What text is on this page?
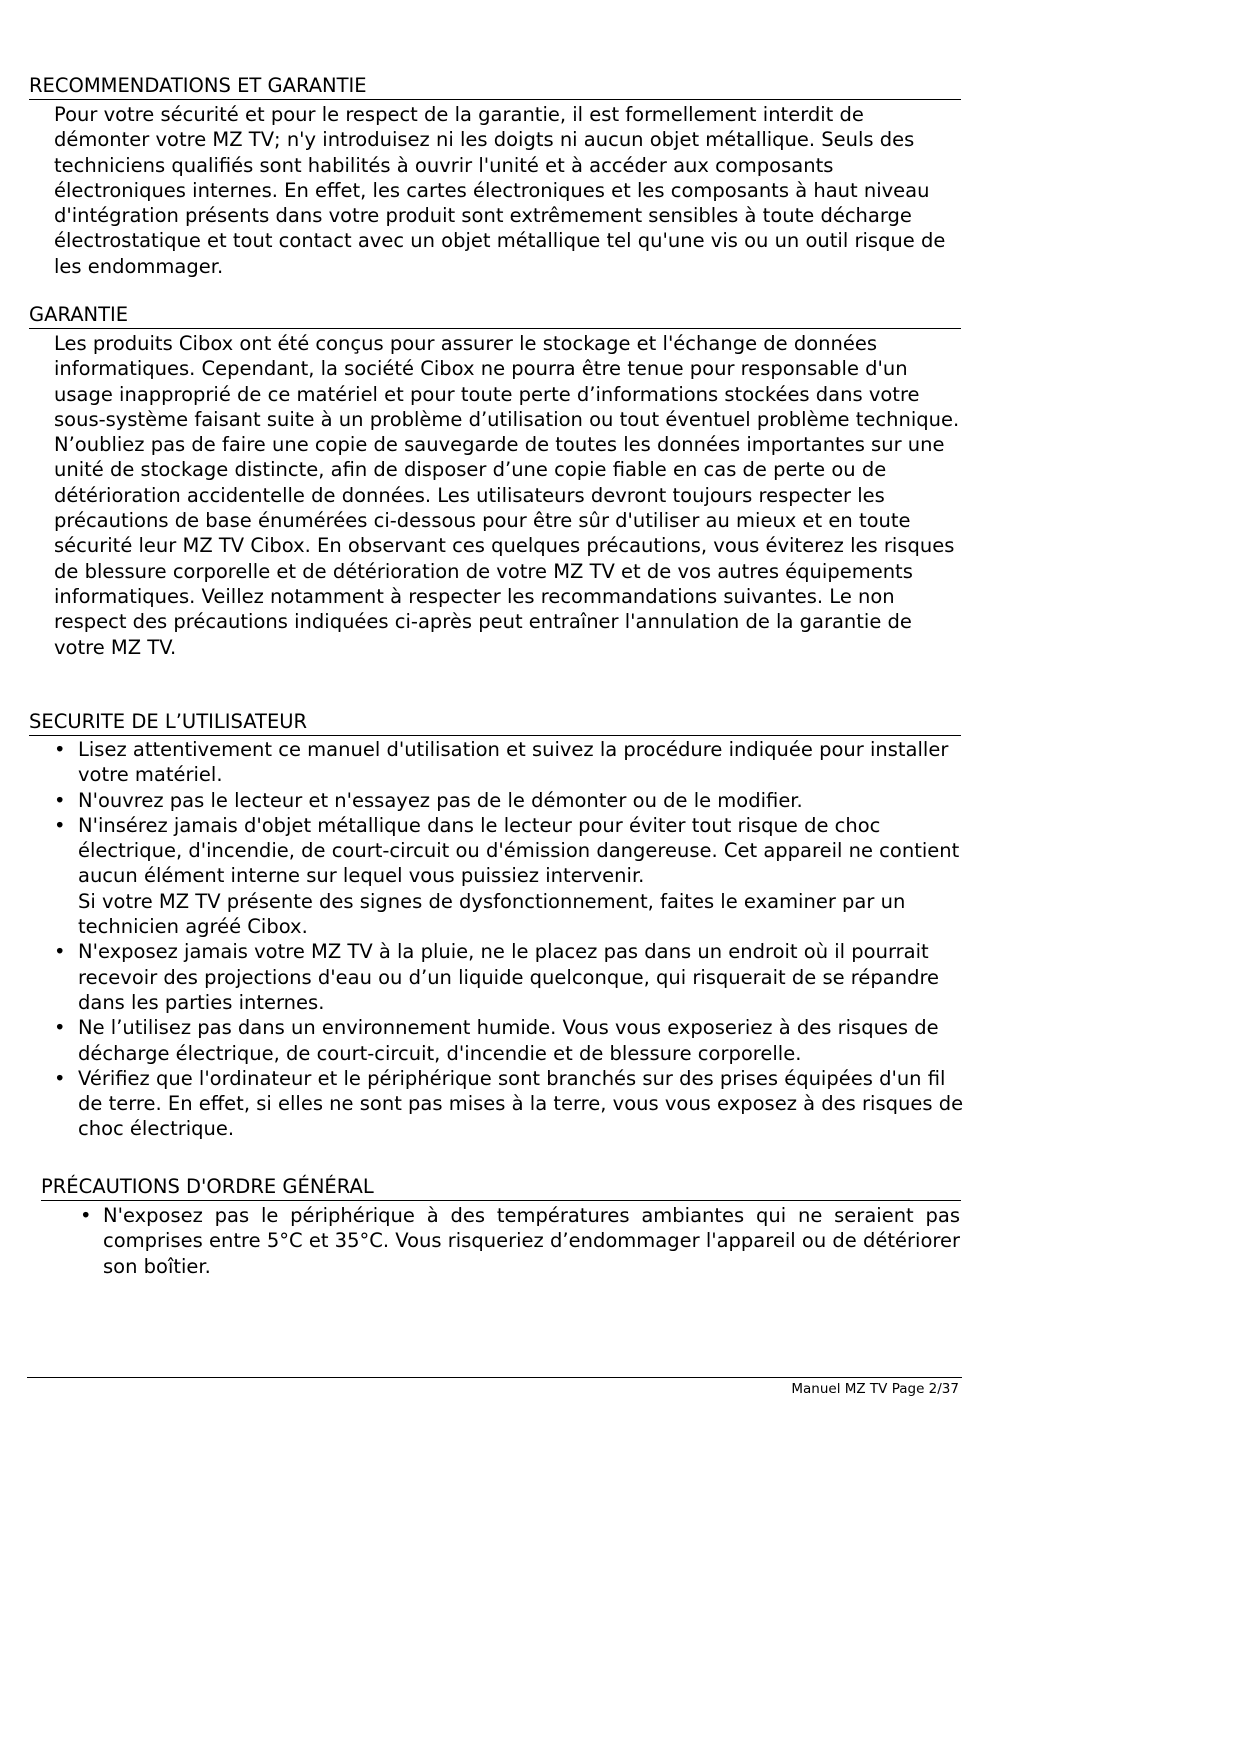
RECOMMENDATIONS ET GARANTIE
Pour votre sécurité et pour le respect de la garantie, il est formellement interdit de démonter votre MZ TV; n'y introduisez ni les doigts ni aucun objet métallique. Seuls des techniciens qualifiés sont habilités à ouvrir l'unité et à accéder aux composants électroniques internes. En effet, les cartes électroniques et les composants à haut niveau d'intégration présents dans votre produit sont extrêmement sensibles à toute décharge électrostatique et tout contact avec un objet métallique tel qu'une vis ou un outil risque de les endommager.
GARANTIE
Les produits Cibox ont été conçus pour assurer le stockage et l'échange de données informatiques. Cependant, la société Cibox ne pourra être tenue pour responsable d'un usage inapproprié de ce matériel et pour toute perte d’informations stockées dans votre sous-système faisant suite à un problème d’utilisation ou tout éventuel problème technique. N’oubliez pas de faire une copie de sauvegarde de toutes les données importantes sur une unité de stockage distincte, afin de disposer d’une copie fiable en cas de perte ou de détérioration accidentelle de données. Les utilisateurs devront toujours respecter les précautions de base énumérées ci-dessous pour être sûr d'utiliser au mieux et en toute sécurité leur MZ TV Cibox. En observant ces quelques précautions, vous éviterez les risques de blessure corporelle et de détérioration de votre MZ TV et de vos autres équipements informatiques. Veillez notamment à respecter les recommandations suivantes. Le non respect des précautions indiquées ci-après peut entraîner l'annulation de la garantie de votre MZ TV.
SECURITE DE L’UTILISATEUR
• Lisez attentivement ce manuel d'utilisation et suivez la procédure indiquée pour installer votre matériel.
• N'ouvrez pas le lecteur et n'essayez pas de le démonter ou de le modifier.
• N'insérez jamais d'objet métallique dans le lecteur pour éviter tout risque de choc électrique, d'incendie, de court-circuit ou d'émission dangereuse. Cet appareil ne contient aucun élément interne sur lequel vous puissiez intervenir.
Si votre MZ TV présente des signes de dysfonctionnement, faites le examiner par un technicien agréé Cibox.
• N'exposez jamais votre MZ TV à la pluie, ne le placez pas dans un endroit où il pourrait recevoir des projections d'eau ou d’un liquide quelconque, qui risquerait de se répandre dans les parties internes.
• Ne l’utilisez pas dans un environnement humide. Vous vous exposeriez à des risques de décharge électrique, de court-circuit, d'incendie et de blessure corporelle.
• Vérifiez que l'ordinateur et le périphérique sont branchés sur des prises équipées d'un fil de terre. En effet, si elles ne sont pas mises à la terre, vous vous exposez à des risques de choc électrique.
PRÉCAUTIONS D'ORDRE GÉNÉRAL
• N'exposez pas le périphérique à des températures ambiantes qui ne seraient pas comprises entre 5°C et 35°C. Vous risqueriez d’endommager l'appareil ou de détériorer son boîtier.
Manuel MZ TV Page 2/37
